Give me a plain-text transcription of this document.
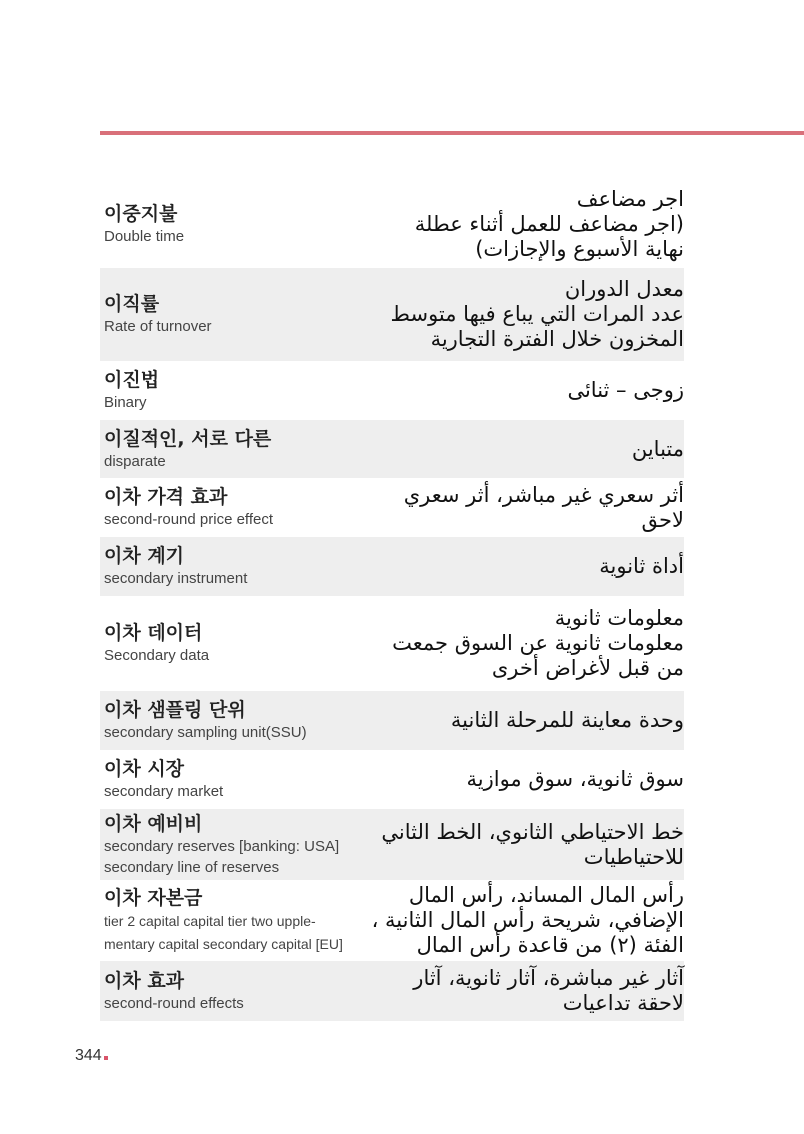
이중지불
Double time
اجر مضاعف
(اجر مضاعف للعمل أثناء عطلة
نهاية الأسبوع والإجازات)
이직률
Rate of turnover
معدل الدوران
عدد المرات التي يباع فيها متوسط
المخزون خلال الفترة التجارية
이진법
Binary
زوجى – ثنائى
이질적인, 서로 다른
disparate
متباين
이차 가격 효과
second-round price effect
أثر سعري غير مباشر، أثر سعري
لاحق
이차 계기
secondary instrument
أداة ثانوية
이차 데이터
Secondary data
معلومات ثانوية
معلومات ثانوية عن السوق جمعت
من قبل لأغراض أخرى
이차 샘플링 단위
secondary sampling unit(SSU)
وحدة معاينة للمرحلة الثانية
이차 시장
secondary market
سوق ثانوية، سوق موازية
이차 예비비
secondary reserves [banking: USA]
secondary line of reserves
خط الاحتياطي الثانوي، الخط الثاني
للاحتياطيات
이차 자본금
tier 2 capital capital tier two upple-
mentary capital secondary capital [EU]
رأس المال المساند، رأس المال
الإضافي، شريحة رأس المال الثانية ،
الفئة (٢) من قاعدة رأس المال
이차 효과
second-round effects
آثار غير مباشرة، آثار ثانوية، آثار
لاحقة تداعيات
344
